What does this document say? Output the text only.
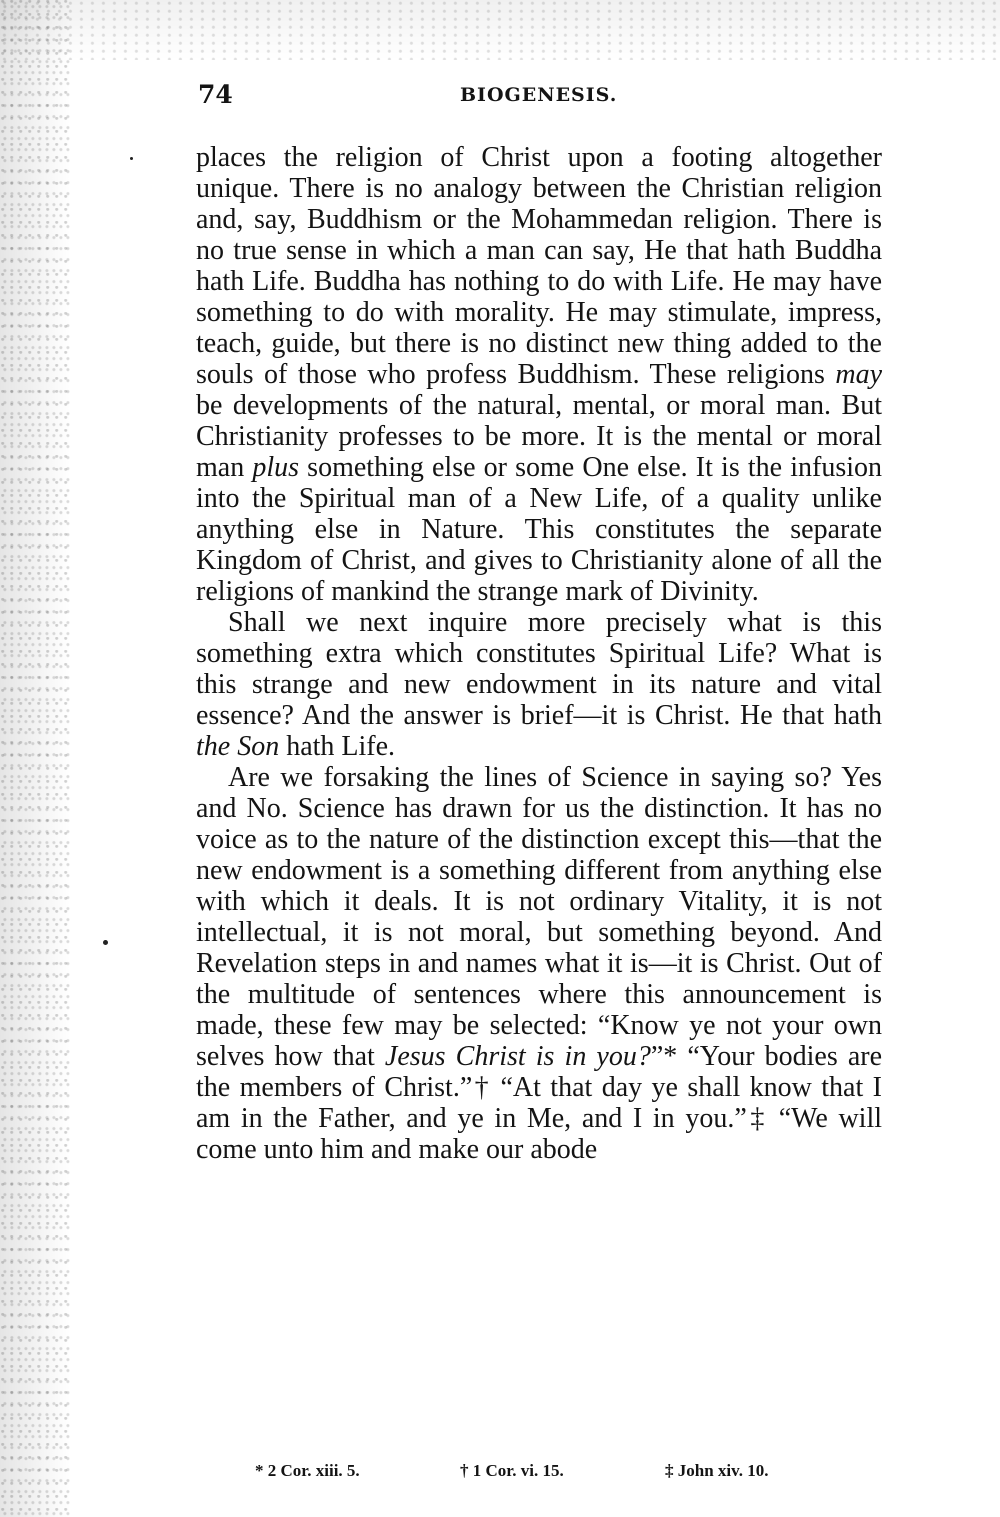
74	BIOGENESIS.

places the religion of Christ upon a footing altogether unique. There is no analogy between the Christian religion and, say, Buddhism or the Mohammedan religion. There is no true sense in which a man can say, He that hath Buddha hath Life. Buddha has nothing to do with Life. He may have something to do with morality. He may stimulate, impress, teach, guide, but there is no distinct new thing added to the souls of those who profess Buddhism. These religions may be developments of the natural, mental, or moral man. But Christianity professes to be more. It is the mental or moral man plus something else or some One else. It is the infusion into the Spiritual man of a New Life, of a quality unlike anything else in Nature. This constitutes the separate Kingdom of Christ, and gives to Christianity alone of all the religions of mankind the strange mark of Divinity.

Shall we next inquire more precisely what is this something extra which constitutes Spiritual Life? What is this strange and new endowment in its nature and vital essence? And the answer is brief—it is Christ. He that hath the Son hath Life.

Are we forsaking the lines of Science in saying so? Yes and No. Science has drawn for us the distinction. It has no voice as to the nature of the distinction except this—that the new endowment is a something different from anything else with which it deals. It is not ordinary Vitality, it is not intellectual, it is not moral, but something beyond. And Revelation steps in and names what it is—it is Christ. Out of the multitude of sentences where this announcement is made, these few may be selected: “Know ye not your own selves how that Jesus Christ is in you?”* “Your bodies are the members of Christ.”† “At that day ye shall know that I am in the Father, and ye in Me, and I in you.”‡ “We will come unto him and make our abode

* 2 Cor. xiii. 5.	† 1 Cor. vi. 15.	‡ John xiv. 10.
